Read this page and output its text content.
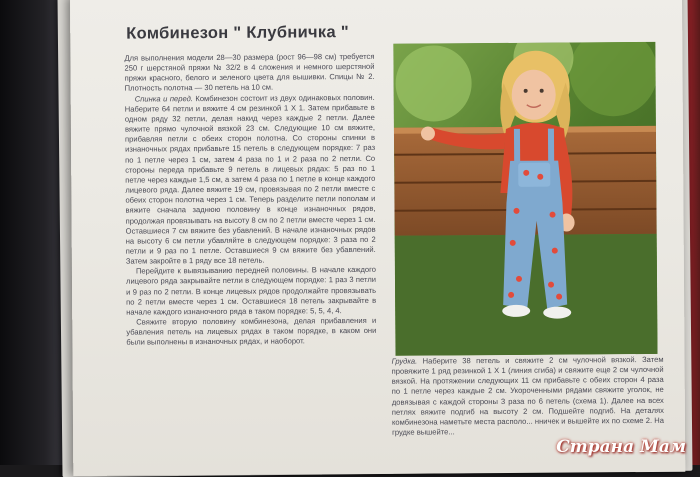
Комбинезон " Клубничка "

Для выполнения модели 28—30 размера (рост 96—98 см) требуется 250 г шерстяной пряжи № 32/2 в 4 сложения и немного шерстяной пряжи красного, белого и зеленого цвета для вышивки. Спицы № 2. Плотность полотна — 30 петель на 10 см.

Спинка и перед. Комбинезон состоит из двух одинаковых половин. Наберите 64 петли и вяжите 4 см резинкой 1 Х 1. Затем прибавьте в одном ряду 32 петли, делая накид через каждые 2 петли. Далее вяжите прямо чулочной вязкой 23 см. Следующие 10 см вяжите, прибавляя петли с обеих сторон полотна. Со стороны спинки в изнаночных рядах прибавьте 15 петель в следующем порядке: 7 раз по 1 петле через 1 см, затем 4 раза по 1 и 2 раза по 2 петли. Со стороны переда прибавьте 9 петель в лицевых рядах: 5 раз по 1 петле через каждые 1,5 см, а затем 4 раза по 1 петле в конце каждого лицевого ряда. Далее вяжите 19 см, провязывая по 2 петли вместе с обеих сторон полотна через 1 см. Теперь разделите петли пополам и вяжите сначала заднюю половину в конце изнаночных рядов, продолжая провязывать на высоту 8 см по 2 петли вместе через 1 см. Оставшиеся 7 см вяжите без убавлений. В начале изнаночных рядов на высоту 6 см петли убавляйте в следующем порядке: 3 раза по 2 петли и 9 раз по 1 петле. Оставшиеся 9 см вяжите без убавлений. Затем закройте в 1 ряду все 18 петель.

Перейдите к вывязыванию передней половины. В начале каждого лицевого ряда закрывайте петли в следующем порядке: 1 раз 3 петли и 9 раз по 2 петли. В конце лицевых рядов продолжайте провязывать по 2 петли вместе через 1 см. Оставшиеся 18 петель закрывайте в начале каждого изнаночного ряда в таком порядке: 5, 5, 4, 4.

Свяжите вторую половину комбинезона, делая прибавления и убавления петель на лицевых рядах в таком порядке, в каком они были выполнены в изнаночных рядах, и наоборот.

Грудка. Наберите 38 петель и свяжите 2 см чулочной вязкой. Затем провяжите 1 ряд резинкой 1 Х 1 (линия сгиба) и свяжите еще 2 см чулочной вязкой. На протяжении следующих 11 см прибавьте с обеих сторон 4 раза по 1 петле через каждые 2 см. Укороченными рядами свяжите уголок, не довязывая с каждой стороны 3 раза по 6 петель (схема 1). Далее на всех петлях вяжите подгиб на высоту 2 см. Подшейте подгиб. На деталях комбинезона наметьте места располо... нничек и вышейте их по схеме 2. На грудке вышейте...

Страна Мам
